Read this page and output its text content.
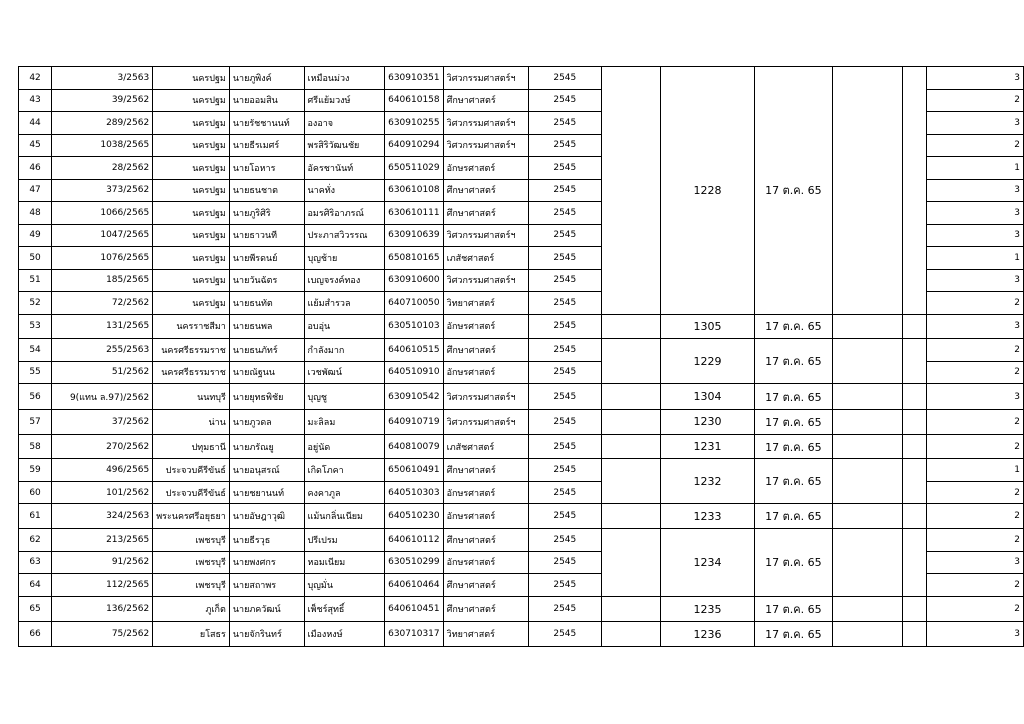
42	3/2563	นครปฐม	นายภูพิงค์	เหมือนม่วง	630910351	วิศวกรรมศาสตร์ฯ	2545		1228	17 ต.ค. 65			3
43	39/2562	นครปฐม	นายออมสิน	ศรีแย้มวงษ์	640610158	ศึกษาศาสตร์	2545						2
44	289/2562	นครปฐม	นายรัชชานนท์	องอาจ	630910255	วิศวกรรมศาสตร์ฯ	2545						3
45	1038/2565	นครปฐม	นายธีรเมศร์	พรสิริวัฒนชัย	640910294	วิศวกรรมศาสตร์ฯ	2545						2
46	28/2562	นครปฐม	นายโอหาร	อัครชานันท์	650511029	อักษรศาสตร์	2545						1
47	373/2562	นครปฐม	นายธนชาต	นาคทั่ง	630610108	ศึกษาศาสตร์	2545						3
48	1066/2565	นครปฐม	นายภูริศิริ	อมรศิริอาภรณ์	630610111	ศึกษาศาสตร์	2545						3
49	1047/2565	นครปฐม	นายธาวนที	ประภาสวิวรรณ	630910639	วิศวกรรมศาสตร์ฯ	2545						3
50	1076/2565	นครปฐม	นายพีรดนย์	บุญช้าย	650810165	เภสัชศาสตร์	2545						1
51	185/2565	นครปฐม	นายวันฉัตร	เบญจรงค์ทอง	630910600	วิศวกรรมศาสตร์ฯ	2545						3
52	72/2562	นครปฐม	นายธนทัต	แย้มสำรวล	640710050	วิทยาศาสตร์	2545						2
53	131/2565	นครราชสีมา	นายธนพล	อบอุ่น	630510103	อักษรศาสตร์	2545		1305	17 ต.ค. 65			3
54	255/2563	นครศรีธรรมราช	นายธนภัทร์	กำลังมาก	640610515	ศึกษาศาสตร์	2545		1229	17 ต.ค. 65			2
55	51/2562	นครศรีธรรมราช	นายณัฐนน	เวชพัฒน์	640510910	อักษรศาสตร์	2545						2
56	9(แทน ล.97)/2562	นนทบุรี	นายยุทธพิชัย	บุญชู	630910542	วิศวกรรมศาสตร์ฯ	2545		1304	17 ต.ค. 65			3
57	37/2562	น่าน	นายภูวดล	มะลิลม	640910719	วิศวกรรมศาสตร์ฯ	2545		1230	17 ต.ค. 65			2
58	270/2562	ปทุมธานี	นายภรัณยู	อยู่นัด	640810079	เภสัชศาสตร์	2545		1231	17 ต.ค. 65			2
59	496/2565	ประจวบคีรีขันธ์	นายอนุสรณ์	เกิดโภคา	650610491	ศึกษาศาสตร์	2545		1232	17 ต.ค. 65			1
60	101/2562	ประจวบคีรีขันธ์	นายชยานนท์	คงคาภูล	640510303	อักษรศาสตร์	2545						2
61	324/2563	พระนครศรีอยุธยา	นายอัษฎาวุฒิ	แม้นกลิ่นเนียม	640510230	อักษรศาสตร์	2545		1233	17 ต.ค. 65			2
62	213/2565	เพชรบุรี	นายธีรวุธ	ปรีเปรม	640610112	ศึกษาศาสตร์	2545		1234	17 ต.ค. 65			2
63	91/2562	เพชรบุรี	นายพงศกร	หอมเนียม	630510299	อักษรศาสตร์	2545						3
64	112/2565	เพชรบุรี	นายสถาพร	บุญมั่น	640610464	ศึกษาศาสตร์	2545						2
65	136/2562	ภูเก็ต	นายภควัฒน์	เพ็ชร์สุทธิ์	640610451	ศึกษาศาสตร์	2545		1235	17 ต.ค. 65			2
66	75/2562	ยโสธร	นายจักรินทร์	เมืองหงษ์	630710317	วิทยาศาสตร์	2545		1236	17 ต.ค. 65			3
